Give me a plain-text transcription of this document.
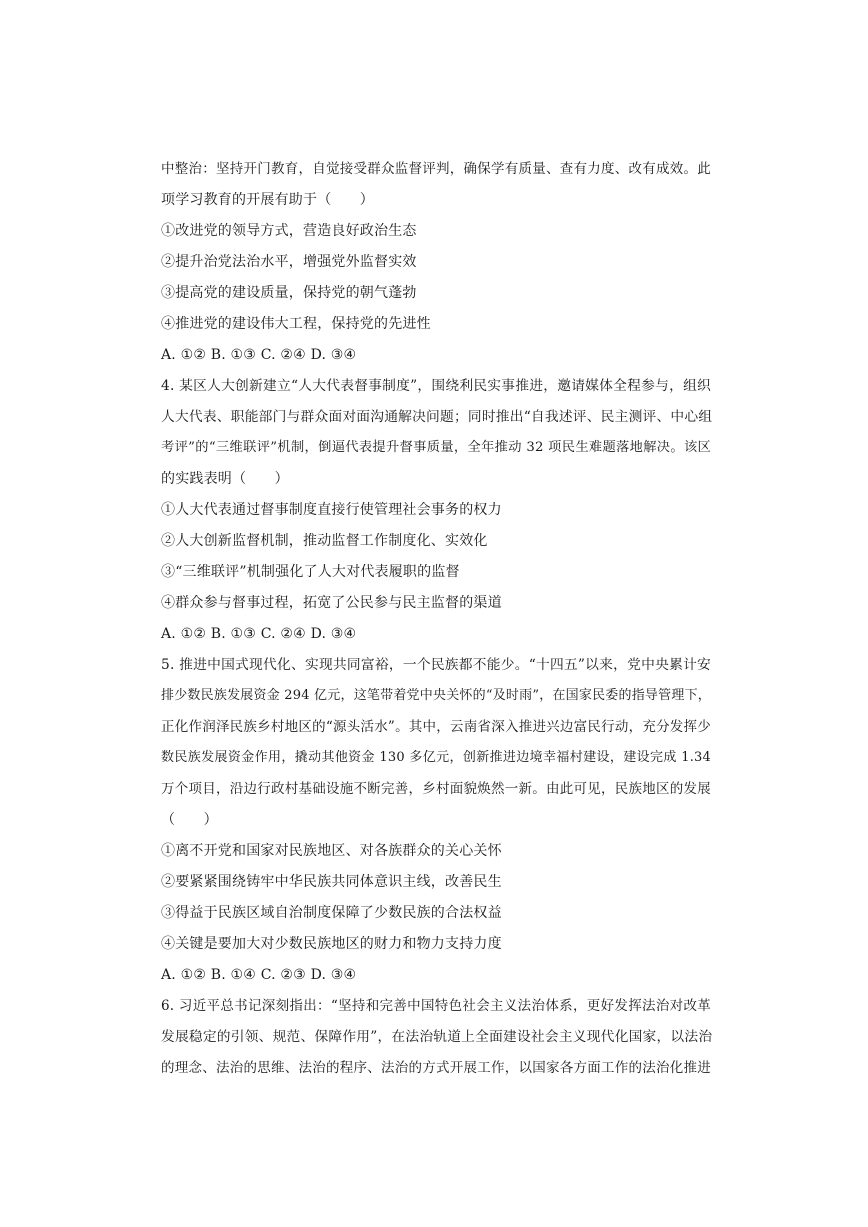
中整治：坚持开门教育，自觉接受群众监督评判，确保学有质量、查有力度、改有成效。此
项学习教育的开展有助于（　　）
①改进党的领导方式，营造良好政治生态
②提升治党法治水平，增强党外监督实效
③提高党的建设质量，保持党的朝气蓬勃
④推进党的建设伟大工程，保持党的先进性
A. ①② B. ①③ C. ②④ D. ③④
4. 某区人大创新建立“人大代表督事制度”，围绕利民实事推进，邀请媒体全程参与，组织
人大代表、职能部门与群众面对面沟通解决问题；同时推出“自我述评、民主测评、中心组
考评”的“三维联评”机制，倒逼代表提升督事质量，全年推动 32 项民生难题落地解决。该区
的实践表明（　　）
①人大代表通过督事制度直接行使管理社会事务的权力
②人大创新监督机制，推动监督工作制度化、实效化
③“三维联评”机制强化了人大对代表履职的监督
④群众参与督事过程，拓宽了公民参与民主监督的渠道
A. ①② B. ①③ C. ②④ D. ③④
5. 推进中国式现代化、实现共同富裕，一个民族都不能少。“十四五”以来，党中央累计安
排少数民族发展资金 294 亿元，这笔带着党中央关怀的“及时雨”，在国家民委的指导管理下，
正化作润泽民族乡村地区的“源头活水”。其中，云南省深入推进兴边富民行动，充分发挥少
数民族发展资金作用，撬动其他资金 130 多亿元，创新推进边境幸福村建设，建设完成 1.34
万个项目，沿边行政村基础设施不断完善，乡村面貌焕然一新。由此可见，民族地区的发展
（　　）
①离不开党和国家对民族地区、对各族群众的关心关怀
②要紧紧围绕铸牢中华民族共同体意识主线，改善民生
③得益于民族区域自治制度保障了少数民族的合法权益
④关键是要加大对少数民族地区的财力和物力支持力度
A. ①② B. ①④ C. ②③ D. ③④
6. 习近平总书记深刻指出：“坚持和完善中国特色社会主义法治体系，更好发挥法治对改革
发展稳定的引领、规范、保障作用”，在法治轨道上全面建设社会主义现代化国家，以法治
的理念、法治的思维、法治的程序、法治的方式开展工作，以国家各方面工作的法治化推进
